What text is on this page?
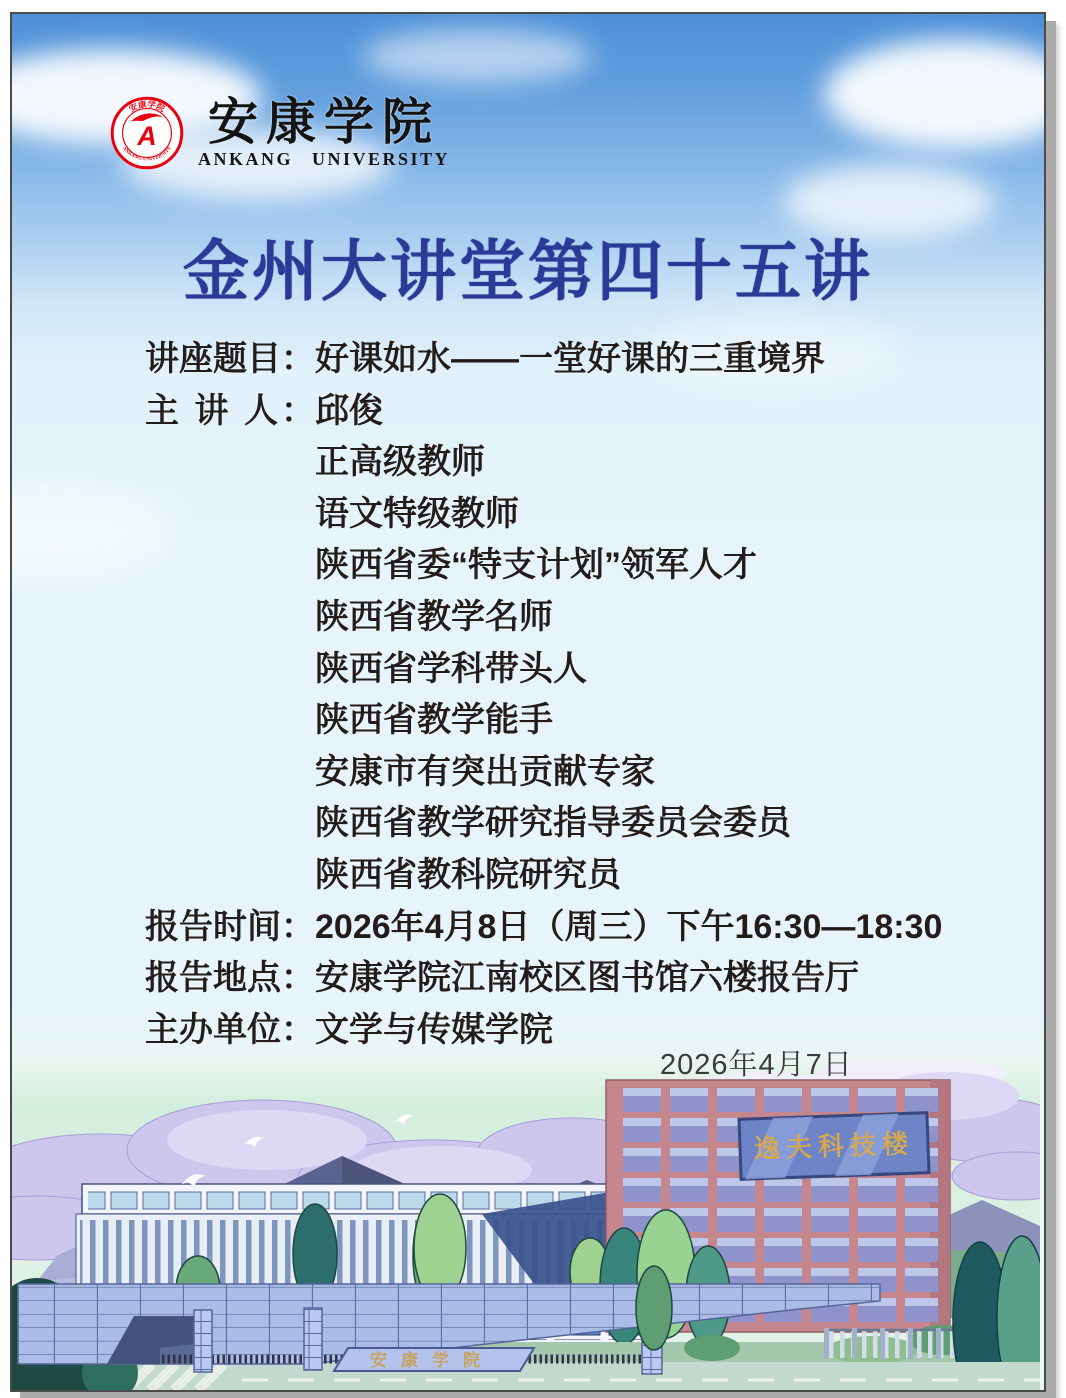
安康学院
ANKANG UNIVERSITY
A 安康学院
ANKANG UNIVERSITY
金州大讲堂第四十五讲
讲座题目： 好课如水——一堂好课的三重境界
主 讲 人： 邱俊
正高级教师
语文特级教师
陕西省委“特支计划”领军人才
陕西省教学名师
陕西省学科带头人
陕西省教学能手
安康市有突出贡献专家
陕西省教学研究指导委员会委员
陕西省教科院研究员
报告时间： 2026年4月8日（周三）下午16:30—18:30
报告地点： 安康学院江南校区图书馆六楼报告厅
主办单位： 文学与传媒学院
2026年4月7日
逸夫科技楼
安康学院
